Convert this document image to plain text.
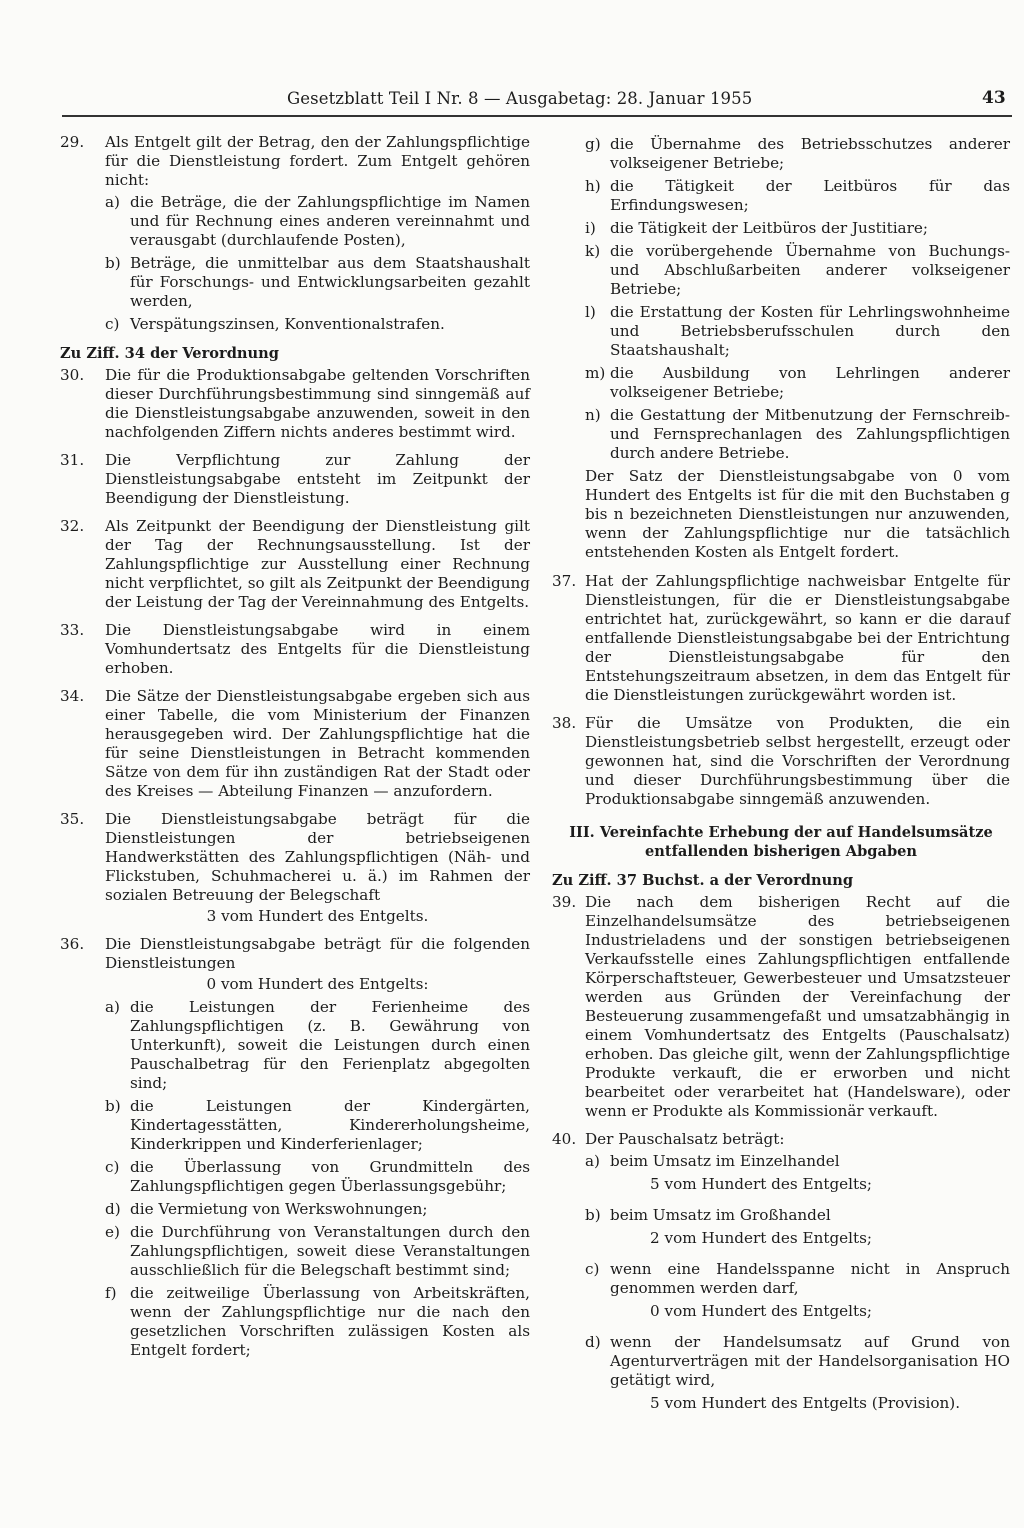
Gesetzblatt Teil I Nr. 8 — Ausgabetag: 28. Januar 1955	43
29.	Als Entgelt gilt der Betrag, den der Zahlungspflichtige für die Dienstleistung fordert. Zum Entgelt gehören nicht:
a) die Beträge, die der Zahlungspflichtige im Namen und für Rechnung eines anderen vereinnahmt und verausgabt (durchlaufende Posten),
b) Beträge, die unmittelbar aus dem Staatshaushalt für Forschungs- und Entwicklungsarbeiten gezahlt werden,
c) Verspätungszinsen, Konventionalstrafen.
Zu Ziff. 34 der Verordnung
30.	Die für die Produktionsabgabe geltenden Vorschriften dieser Durchführungsbestimmung sind sinngemäß auf die Dienstleistungsabgabe anzuwenden, soweit in den nachfolgenden Ziffern nichts anderes bestimmt wird.
31.	Die Verpflichtung zur Zahlung der Dienstleistungsabgabe entsteht im Zeitpunkt der Beendigung der Dienstleistung.
32.	Als Zeitpunkt der Beendigung der Dienstleistung gilt der Tag der Rechnungsausstellung. Ist der Zahlungspflichtige zur Ausstellung einer Rechnung nicht verpflichtet, so gilt als Zeitpunkt der Beendigung der Leistung der Tag der Vereinnahmung des Entgelts.
33.	Die Dienstleistungsabgabe wird in einem Vomhundertsatz des Entgelts für die Dienstleistung erhoben.
34.	Die Sätze der Dienstleistungsabgabe ergeben sich aus einer Tabelle, die vom Ministerium der Finanzen herausgegeben wird. Der Zahlungspflichtige hat die für seine Dienstleistungen in Betracht kommenden Sätze von dem für ihn zuständigen Rat der Stadt oder des Kreises — Abteilung Finanzen — anzufordern.
35.	Die Dienstleistungsabgabe beträgt für die Dienstleistungen der betriebseigenen Handwerkstätten des Zahlungspflichtigen (Näh- und Flickstuben, Schuhmacherei u. ä.) im Rahmen der sozialen Betreuung der Belegschaft
3 vom Hundert des Entgelts.
36.	Die Dienstleistungsabgabe beträgt für die folgenden Dienstleistungen
0 vom Hundert des Entgelts:
a) die Leistungen der Ferienheime des Zahlungspflichtigen (z. B. Gewährung von Unterkunft), soweit die Leistungen durch einen Pauschalbetrag für den Ferienplatz abgegolten sind;
b) die Leistungen der Kindergärten, Kindertagesstätten, Kindererholungsheime, Kinderkrippen und Kinderferienlager;
c) die Überlassung von Grundmitteln des Zahlungspflichtigen gegen Überlassungsgebühr;
d) die Vermietung von Werkswohnungen;
e) die Durchführung von Veranstaltungen durch den Zahlungspflichtigen, soweit diese Veranstaltungen ausschließlich für die Belegschaft bestimmt sind;
f) die zeitweilige Überlassung von Arbeitskräften, wenn der Zahlungspflichtige nur die nach den gesetzlichen Vorschriften zulässigen Kosten als Entgelt fordert;
g) die Übernahme des Betriebsschutzes anderer volkseigener Betriebe;
h) die Tätigkeit der Leitbüros für das Erfindungswesen;
i) die Tätigkeit der Leitbüros der Justitiare;
k) die vorübergehende Übernahme von Buchungs- und Abschlußarbeiten anderer volkseigener Betriebe;
l) die Erstattung der Kosten für Lehrlingswohnheime und Betriebsberufsschulen durch den Staatshaushalt;
m) die Ausbildung von Lehrlingen anderer volkseigener Betriebe;
n) die Gestattung der Mitbenutzung der Fernschreib- und Fernsprechanlagen des Zahlungspflichtigen durch andere Betriebe.
Der Satz der Dienstleistungsabgabe von 0 vom Hundert des Entgelts ist für die mit den Buchstaben g bis n bezeichneten Dienstleistungen nur anzuwenden, wenn der Zahlungspflichtige nur die tatsächlich entstehenden Kosten als Entgelt fordert.
37. Hat der Zahlungspflichtige nachweisbar Entgelte für Dienstleistungen, für die er Dienstleistungsabgabe entrichtet hat, zurückgewährt, so kann er die darauf entfallende Dienstleistungsabgabe bei der Entrichtung der Dienstleistungsabgabe für den Entstehungszeitraum absetzen, in dem das Entgelt für die Dienstleistungen zurückgewährt worden ist.
38. Für die Umsätze von Produkten, die ein Dienstleistungsbetrieb selbst hergestellt, erzeugt oder gewonnen hat, sind die Vorschriften der Verordnung und dieser Durchführungsbestimmung über die Produktionsabgabe sinngemäß anzuwenden.
III. Vereinfachte Erhebung der auf Handelsumsätze
entfallenden bisherigen Abgaben
Zu Ziff. 37 Buchst. a der Verordnung
39. Die nach dem bisherigen Recht auf die Einzelhandelsumsätze des betriebseigenen Industrieladens und der sonstigen betriebseigenen Verkaufsstelle eines Zahlungspflichtigen entfallende Körperschaftsteuer, Gewerbesteuer und Umsatzsteuer werden aus Gründen der Vereinfachung der Besteuerung zusammengefaßt und umsatzabhängig in einem Vomhundertsatz des Entgelts (Pauschalsatz) erhoben. Das gleiche gilt, wenn der Zahlungspflichtige Produkte verkauft, die er erworben und nicht bearbeitet oder verarbeitet hat (Handelsware), oder wenn er Produkte als Kommissionär verkauft.
40. Der Pauschalsatz beträgt:
a) beim Umsatz im Einzelhandel
5 vom Hundert des Entgelts;
b) beim Umsatz im Großhandel
2 vom Hundert des Entgelts;
c) wenn eine Handelsspanne nicht in Anspruch genommen werden darf,
0 vom Hundert des Entgelts;
d) wenn der Handelsumsatz auf Grund von Agenturverträgen mit der Handelsorganisation HO getätigt wird,
5 vom Hundert des Entgelts (Provision).
